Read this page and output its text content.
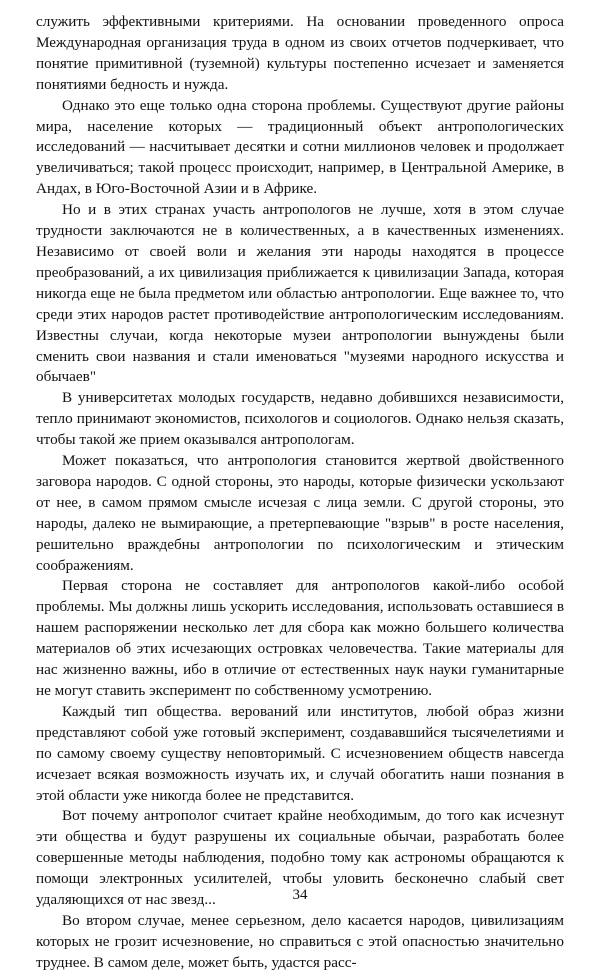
служить эффективными критериями. На основании проведенного опроса Международная организация труда в одном из своих отчетов подчеркивает, что понятие примитивной (туземной) культуры постепенно исчезает и заменяется понятиями бедность и нужда.

Однако это еще только одна сторона проблемы. Существуют другие районы мира, население которых — традиционный объект антропологических исследований — насчитывает десятки и сотни миллионов человек и продолжает увеличиваться; такой процесс происходит, например, в Центральной Америке, в Андах, в Юго-Восточной Азии и в Африке.

Но и в этих странах участь антропологов не лучше, хотя в этом случае трудности заключаются не в количественных, а в качественных изменениях. Независимо от своей воли и желания эти народы находятся в процессе преобразований, а их цивилизация приближается к цивилизации Запада, которая никогда еще не была предметом или областью антропологии. Еще важнее то, что среди этих народов растет противодействие антропологическим исследованиям. Известны случаи, когда некоторые музеи антропологии вынуждены были сменить свои названия и стали именоваться "музеями народного искусства и обычаев"

В университетах молодых государств, недавно добившихся независимости, тепло принимают экономистов, психологов и социологов. Однако нельзя сказать, чтобы такой же прием оказывался антропологам.

Может показаться, что антропология становится жертвой двойственного заговора народов. С одной стороны, это народы, которые физически ускользают от нее, в самом прямом смысле исчезая с лица земли. С другой стороны, это народы, далеко не вымирающие, а претерпевающие "взрыв" в росте населения, решительно враждебны антропологии по психологическим и этическим соображениям.

Первая сторона не составляет для антропологов какой-либо особой проблемы. Мы должны лишь ускорить исследования, использовать оставшиеся в нашем распоряжении несколько лет для сбора как можно большего количества материалов об этих исчезающих островках человечества. Такие материалы для нас жизненно важны, ибо в отличие от естественных наук науки гуманитарные не могут ставить эксперимент по собственному усмотрению.

Каждый тип общества. верований или институтов, любой образ жизни представляют собой уже готовый эксперимент, создававшийся тысячелетиями и по самому своему существу неповторимый. С исчезновением обществ навсегда исчезает всякая возможность изучать их, и случай обогатить наши познания в этой области уже никогда более не представится.

Вот почему антрополог считает крайне необходимым, до того как исчезнут эти общества и будут разрушены их социальные обычаи, разработать более совершенные методы наблюдения, подобно тому как астрономы обращаются к помощи электронных усилителей, чтобы уловить бесконечно слабый свет удаляющихся от нас звезд...

Во втором случае, менее серьезном, дело касается народов, цивилизациям которых не грозит исчезновение, но справиться с этой опасностью значительно труднее. В самом деле, может быть, удастся расс-

34
